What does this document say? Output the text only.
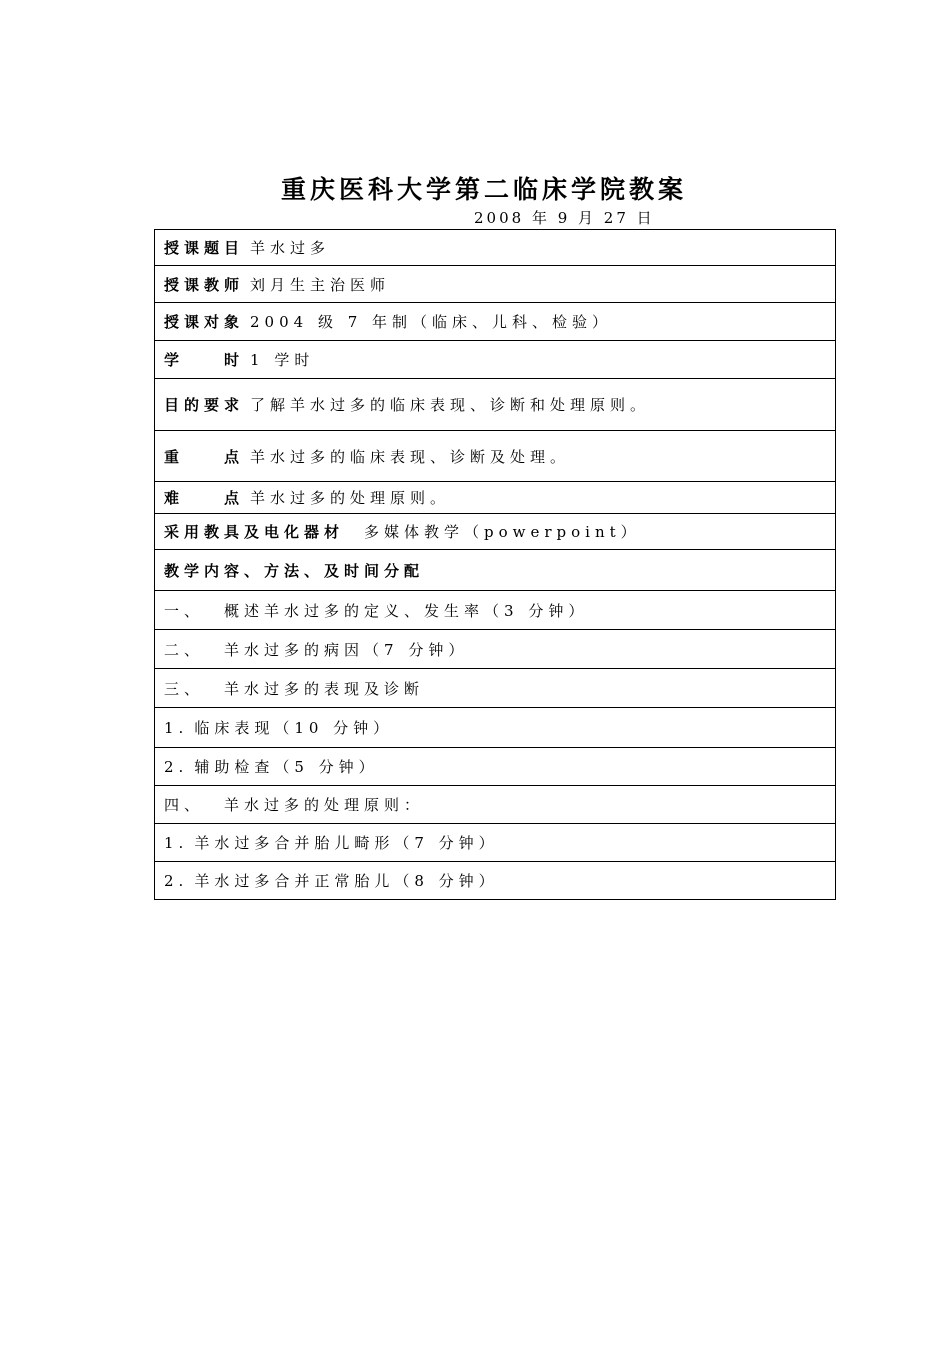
重庆医科大学第二临床学院教案
2008 年 9 月 27 日
授课题目 羊水过多
授课教师 刘月生主治医师
授课对象 2004 级 7 年制（临床、儿科、检验）
学　　时 1 学时
目的要求 了解羊水过多的临床表现、诊断和处理原则。
重　　点 羊水过多的临床表现、诊断及处理。
难　　点 羊水过多的处理原则。
采用教具及电化器材 多媒体教学（powerpoint）
教学内容、方法、及时间分配
一、 概述羊水过多的定义、发生率（3 分钟）
二、 羊水过多的病因（7 分钟）
三、 羊水过多的表现及诊断
1. 临床表现（10 分钟）
2. 辅助检查（5 分钟）
四、 羊水过多的处理原则：
1. 羊水过多合并胎儿畸形（7 分钟）
2. 羊水过多合并正常胎儿（8 分钟）
